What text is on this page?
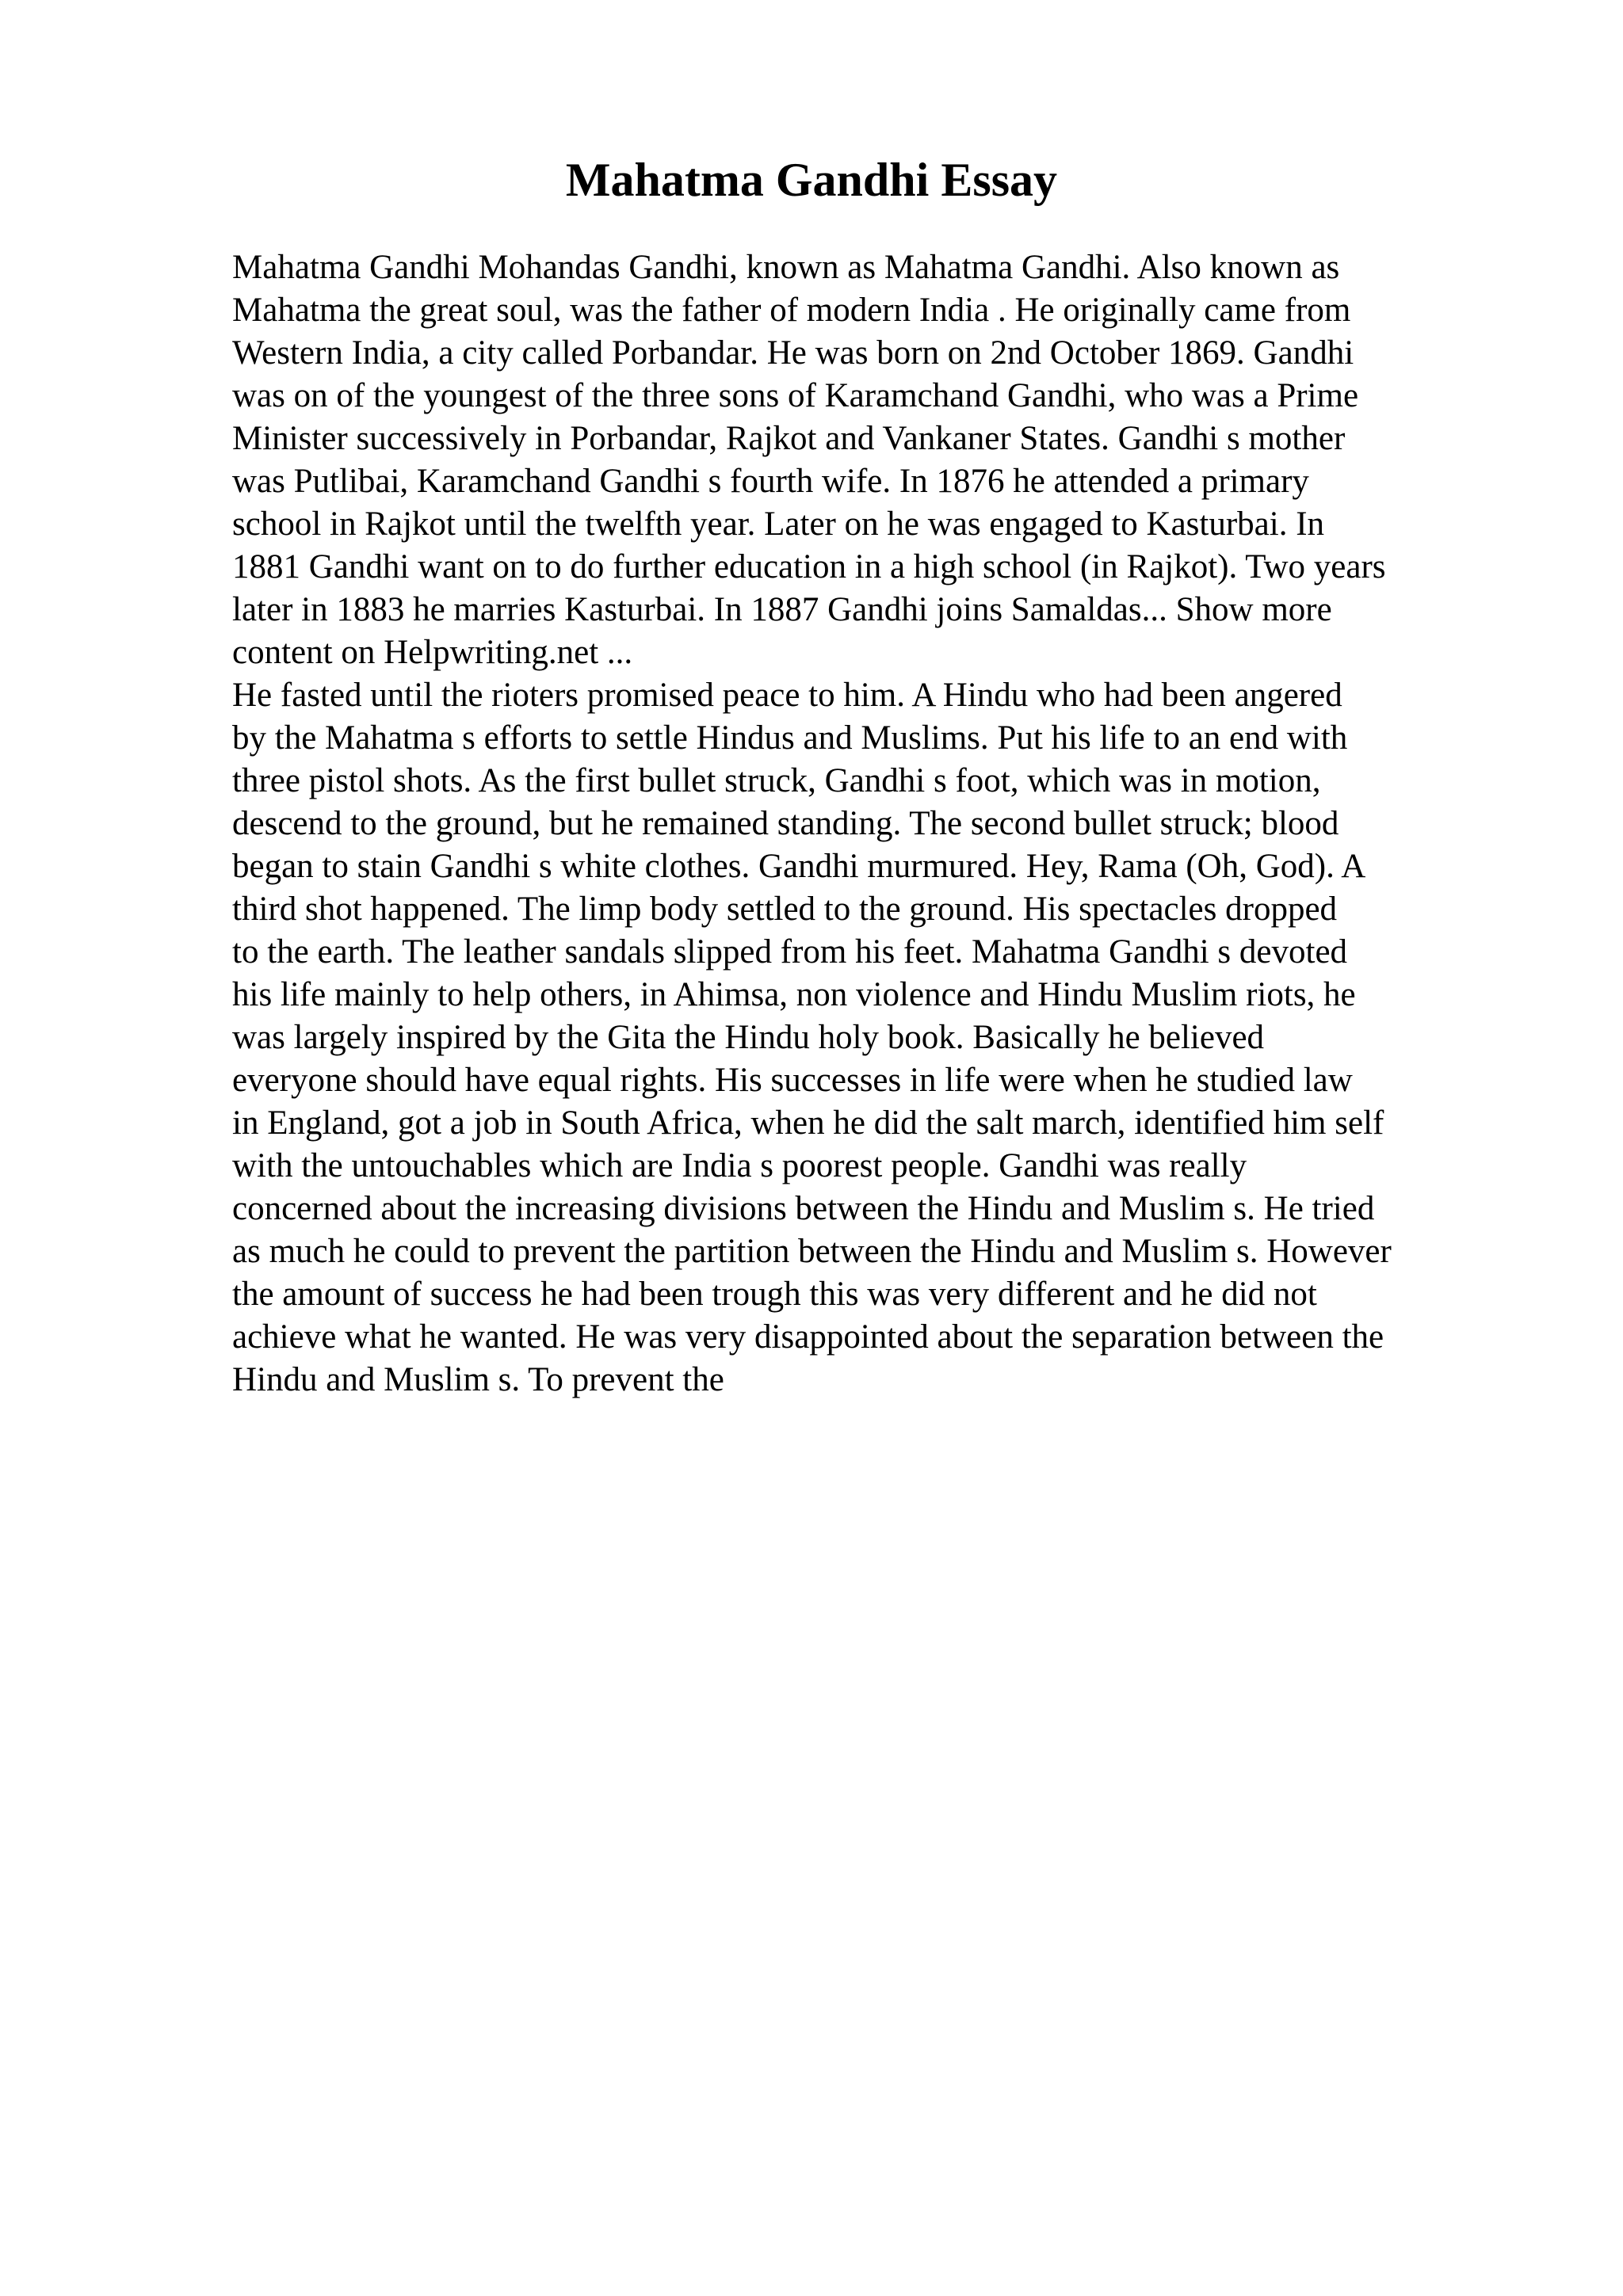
Mahatma Gandhi Essay
Mahatma Gandhi Mohandas Gandhi, known as Mahatma Gandhi. Also known as
Mahatma the great soul, was the father of modern India . He originally came from
Western India, a city called Porbandar. He was born on 2nd October 1869. Gandhi
was on of the youngest of the three sons of Karamchand Gandhi, who was a Prime
Minister successively in Porbandar, Rajkot and Vankaner States. Gandhi s mother
was Putlibai, Karamchand Gandhi s fourth wife. In 1876 he attended a primary
school in Rajkot until the twelfth year. Later on he was engaged to Kasturbai. In
1881 Gandhi want on to do further education in a high school (in Rajkot). Two years
later in 1883 he marries Kasturbai. In 1887 Gandhi joins Samaldas... Show more
content on Helpwriting.net ...
He fasted until the rioters promised peace to him. A Hindu who had been angered
by the Mahatma s efforts to settle Hindus and Muslims. Put his life to an end with
three pistol shots. As the first bullet struck, Gandhi s foot, which was in motion,
descend to the ground, but he remained standing. The second bullet struck; blood
began to stain Gandhi s white clothes. Gandhi murmured. Hey, Rama (Oh, God). A
third shot happened. The limp body settled to the ground. His spectacles dropped
to the earth. The leather sandals slipped from his feet. Mahatma Gandhi s devoted
his life mainly to help others, in Ahimsa, non violence and Hindu Muslim riots, he
was largely inspired by the Gita the Hindu holy book. Basically he believed
everyone should have equal rights. His successes in life were when he studied law
in England, got a job in South Africa, when he did the salt march, identified him self
with the untouchables which are India s poorest people. Gandhi was really
concerned about the increasing divisions between the Hindu and Muslim s. He tried
as much he could to prevent the partition between the Hindu and Muslim s. However
the amount of success he had been trough this was very different and he did not
achieve what he wanted. He was very disappointed about the separation between the
Hindu and Muslim s. To prevent the
